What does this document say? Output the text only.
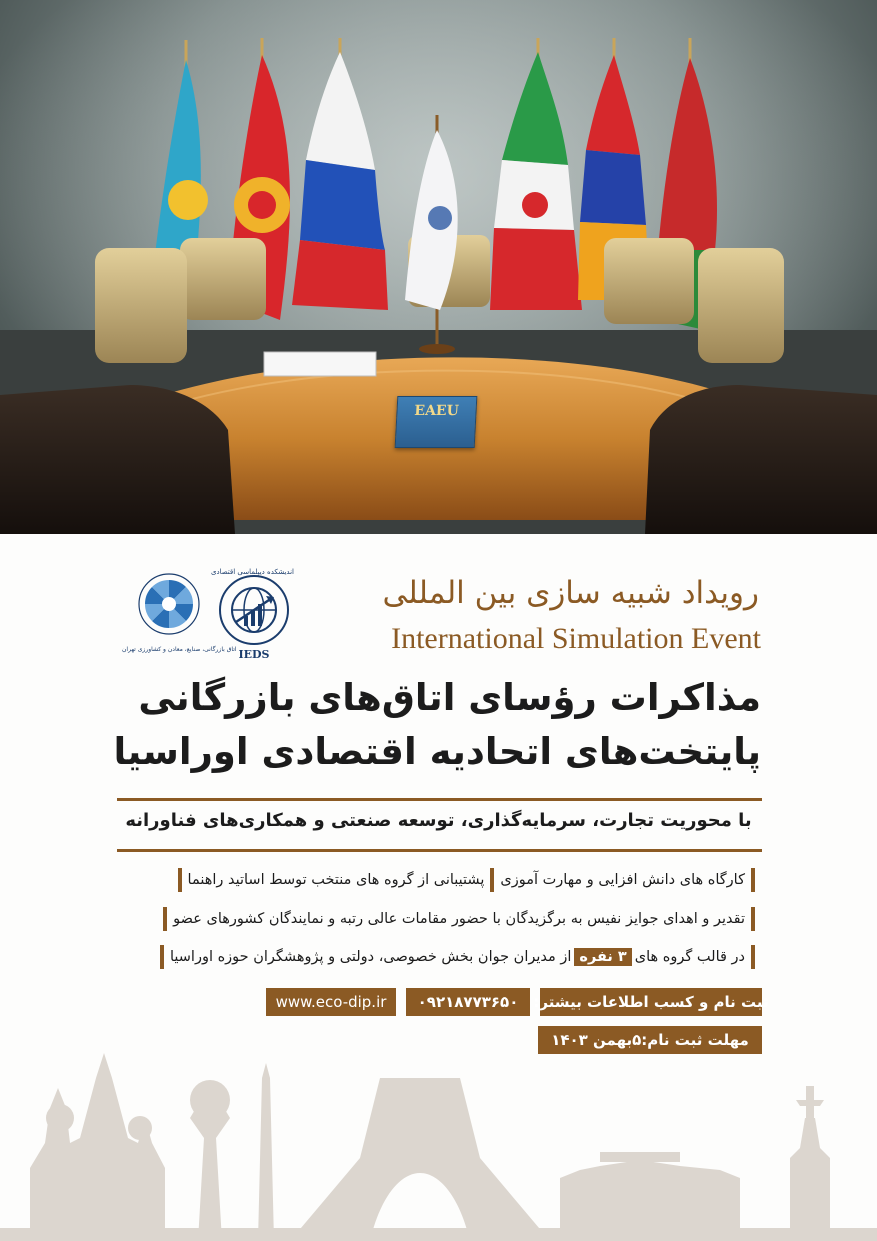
EAEU
اتاق بازرگانی، صنایع، معادن و کشاورزی تهران
اندیشکده دیپلماسی اقتصادی
IEDS
رویداد شبیه سازی بین المللی
International Simulation Event
مذاکرات رؤسای اتاق‌های بازرگانی
پایتخت‌های اتحادیه اقتصادی اوراسیا
با محوریت تجارت، سرمایه‌گذاری، توسعه صنعتی و همکاری‌های فناورانه
کارگاه های دانش افزایی و مهارت آموزی
پشتیبانی از گروه های منتخب توسط اساتید راهنما
تقدیر و اهدای جوایز نفیس به برگزیدگان با حضور مقامات عالی رتبه و نمایندگان کشورهای عضو
در قالب گروه های
۳ نفره
از مدیران جوان بخش خصوصی، دولتی و پژوهشگران حوزه اوراسیا
ثبت نام و کسب اطلاعات بیشتر:
۰۹۲۱۸۷۷۳۶۵۰
www.eco-dip.ir
مهلت ثبت نام:۵بهمن ۱۴۰۳
